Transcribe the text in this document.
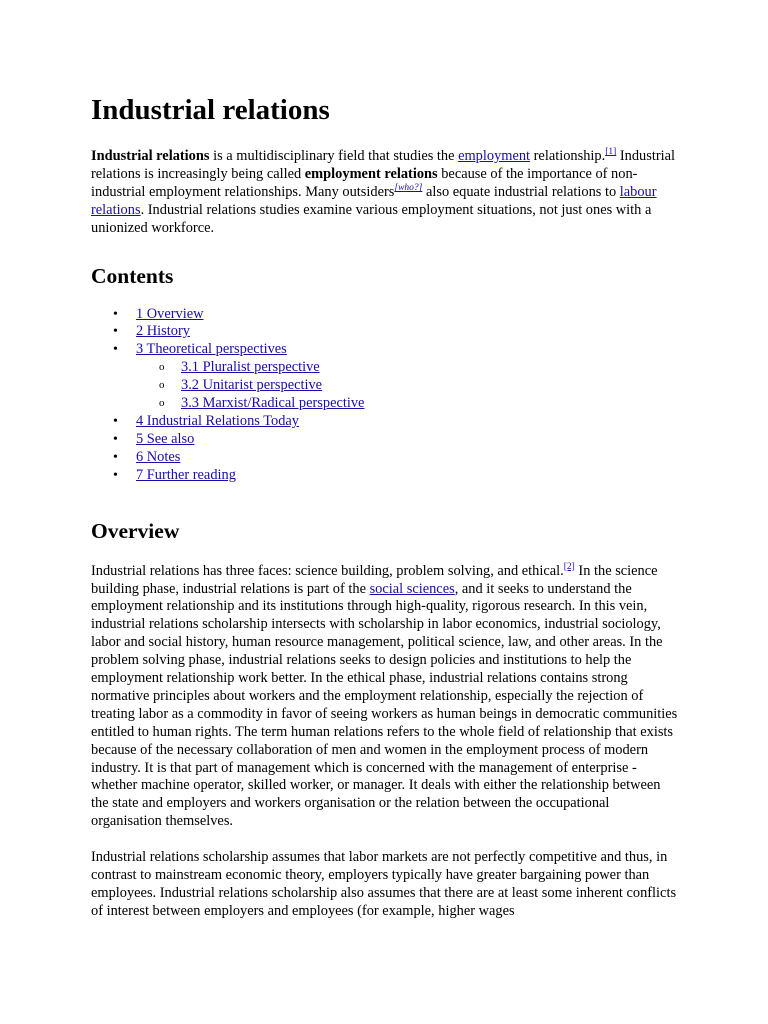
Industrial relations

Industrial relations is a multidisciplinary field that studies the employment relationship.[1] Industrial relations is increasingly being called employment relations because of the importance of non-industrial employment relationships. Many outsiders[who?] also equate industrial relations to labour relations. Industrial relations studies examine various employment situations, not just ones with a unionized workforce.

Contents
• 1 Overview
• 2 History
• 3 Theoretical perspectives
o 3.1 Pluralist perspective
o 3.2 Unitarist perspective
o 3.3 Marxist/Radical perspective
• 4 Industrial Relations Today
• 5 See also
• 6 Notes
• 7 Further reading
Overview

Industrial relations has three faces: science building, problem solving, and ethical.[2] In the science building phase, industrial relations is part of the social sciences, and it seeks to understand the employment relationship and its institutions through high-quality, rigorous research. In this vein, industrial relations scholarship intersects with scholarship in labor economics, industrial sociology, labor and social history, human resource management, political science, law, and other areas. In the problem solving phase, industrial relations seeks to design policies and institutions to help the employment relationship work better. In the ethical phase, industrial relations contains strong normative principles about workers and the employment relationship, especially the rejection of treating labor as a commodity in favor of seeing workers as human beings in democratic communities entitled to human rights. The term human relations refers to the whole field of relationship that exists because of the necessary collaboration of men and women in the employment process of modern industry. It is that part of management which is concerned with the management of enterprise - whether machine operator, skilled worker, or manager. It deals with either the relationship between the state and employers and workers organisation or the relation between the occupational organisation themselves.

Industrial relations scholarship assumes that labor markets are not perfectly competitive and thus, in contrast to mainstream economic theory, employers typically have greater bargaining power than employees. Industrial relations scholarship also assumes that there are at least some inherent conflicts of interest between employers and employees (for example, higher wages
